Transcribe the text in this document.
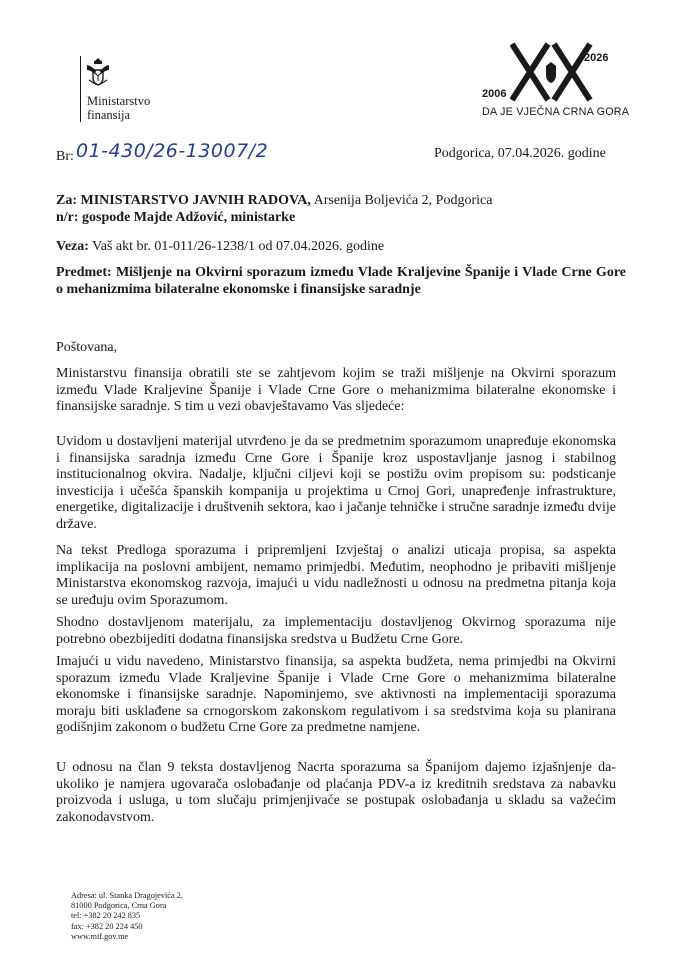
Ministarstvo
finansija
2006
2026
DA JE VJEČNA CRNA GORA
Br: 01-430/26-13007/2	Podgorica, 07.04.2026. godine
Za: MINISTARSTVO JAVNIH RADOVA, Arsenija Boljevića 2, Podgorica
n/r: gospođe Majde Adžović, ministarke
Veza: Vaš akt br. 01-011/26-1238/1 od 07.04.2026. godine
Predmet: Mišljenje na Okvirni sporazum između Vlade Kraljevine Španije i Vlade Crne Gore o mehanizmima bilateralne ekonomske i finansijske saradnje
Poštovana,
Ministarstvu finansija obratili ste se zahtjevom kojim se traži mišljenje na Okvirni sporazum između Vlade Kraljevine Španije i Vlade Crne Gore o mehanizmima bilateralne ekonomske i finansijske saradnje. S tim u vezi obavještavamo Vas sljedeće:
Uvidom u dostavljeni materijal utvrđeno je da se predmetnim sporazumom unapređuje ekonomska i finansijska saradnja između Crne Gore i Španije kroz uspostavljanje jasnog i stabilnog institucionalnog okvira. Nadalje, ključni ciljevi koji se postižu ovim propisom su: podsticanje investicija i učešća španskih kompanija u projektima u Crnoj Gori, unapređenje infrastrukture, energetike, digitalizacije i društvenih sektora, kao i jačanje tehničke i stručne saradnje između dvije države.
Na tekst Predloga sporazuma i pripremljeni Izvještaj o analizi uticaja propisa, sa aspekta implikacija na poslovni ambijent, nemamo primjedbi. Međutim, neophodno je pribaviti mišljenje Ministarstva ekonomskog razvoja, imajući u vidu nadležnosti u odnosu na predmetna pitanja koja se uređuju ovim Sporazumom.
Shodno dostavljenom materijalu, za implementaciju dostavljenog Okvirnog sporazuma nije potrebno obezbijediti dodatna finansijska sredstva u Budžetu Crne Gore.
Imajući u vidu navedeno, Ministarstvo finansija, sa aspekta budžeta, nema primjedbi na Okvirni sporazum između Vlade Kraljevine Španije i Vlade Crne Gore o mehanizmima bilateralne ekonomske i finansijske saradnje. Napominjemo, sve aktivnosti na implementaciji sporazuma moraju biti usklađene sa crnogorskom zakonskom regulativom i sa sredstvima koja su planirana godišnjim zakonom o budžetu Crne Gore za predmetne namjene.
U odnosu na član 9 teksta dostavljenog Nacrta sporazuma sa Španijom dajemo izjašnjenje da- ukoliko je namjera ugovarača oslobađanje od plaćanja PDV-a iz kreditnih sredstava za nabavku proizvoda i usluga, u tom slučaju primjenjivaće se postupak oslobađanja u skladu sa važećim zakonodavstvom.
Adresa: ul. Stanka Dragojevića 2,
81000 Podgorica, Crna Gora
tel: +382 20 242 835
fax: +382 20 224 450
www.mif.gov.me
